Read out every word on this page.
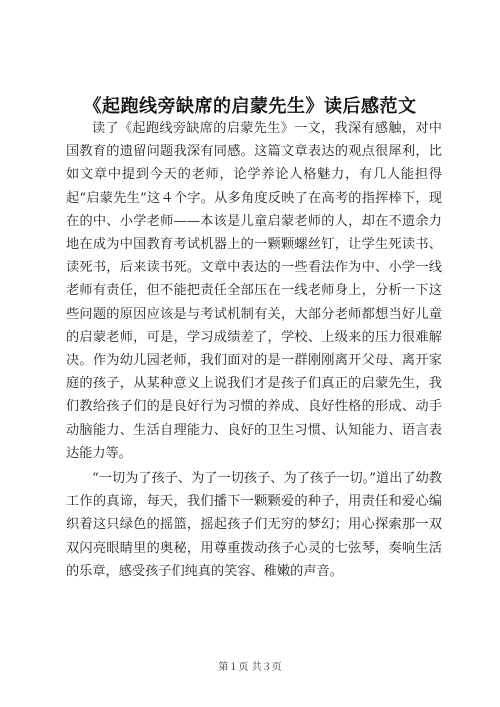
《起跑线旁缺席的启蒙先生》读后感范文

读了《起跑线旁缺席的启蒙先生》一文，我深有感触，对中国教育的遗留问题我深有同感。这篇文章表达的观点很犀利，比如文章中提到今天的老师，论学养论人格魅力，有几人能担得起“启蒙先生”这４个字。从多角度反映了在高考的指挥棒下，现在的中、小学老师——本该是儿童启蒙老师的人，却在不遗余力地在成为中国教育考试机器上的一颗颗螺丝钉，让学生死读书、读死书，后来读书死。文章中表达的一些看法作为中、小学一线老师有责任，但不能把责任全部压在一线老师身上，分析一下这些问题的原因应该是与考试机制有关，大部分老师都想当好儿童的启蒙老师，可是，学习成绩差了，学校、上级来的压力很难解决。作为幼儿园老师，我们面对的是一群刚刚离开父母、离开家庭的孩子，从某种意义上说我们才是孩子们真正的启蒙先生，我们教给孩子们的是良好行为习惯的养成、良好性格的形成、动手动脑能力、生活自理能力、良好的卫生习惯、认知能力、语言表达能力等。

“一切为了孩子、为了一切孩子、为了孩子一切。”道出了幼教工作的真谛，每天，我们播下一颗颗爱的种子，用责任和爱心编织着这只绿色的摇篮，摇起孩子们无穷的梦幻；用心探索那一双双闪亮眼睛里的奥秘，用尊重拨动孩子心灵的七弦琴，奏响生活的乐章，感受孩子们纯真的笑容、稚嫩的声音。

第１页 共３页
